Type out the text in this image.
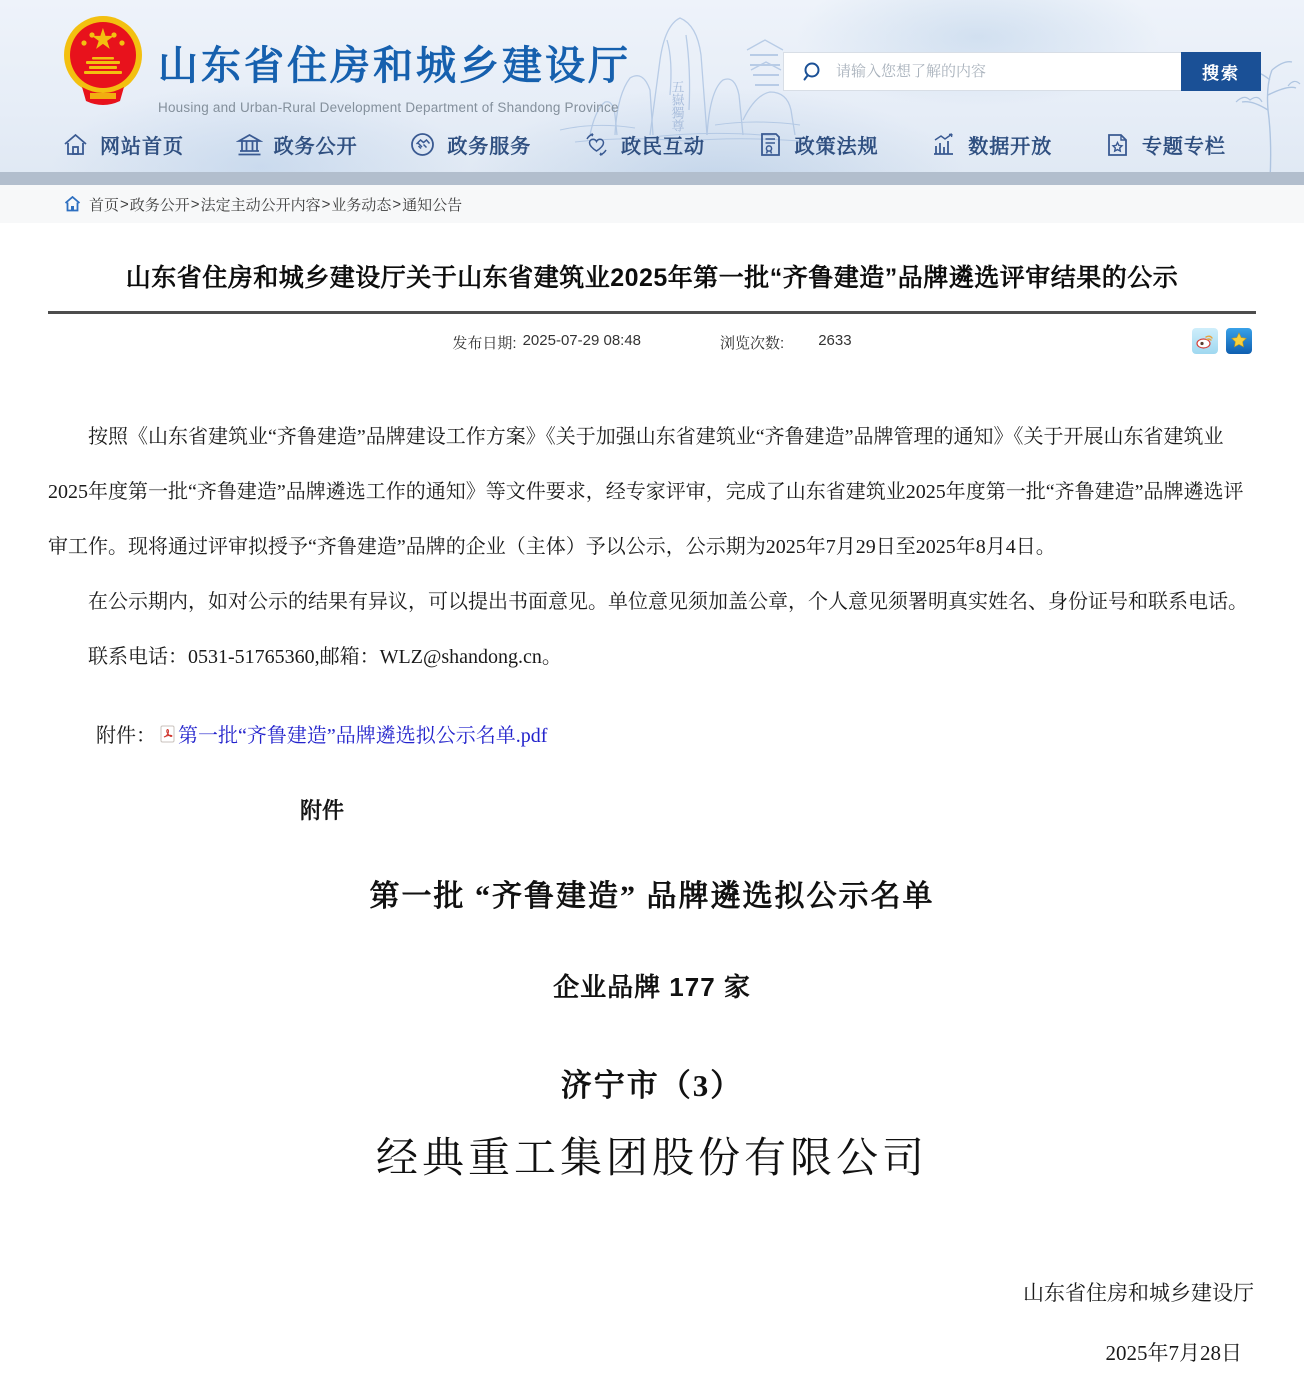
五嶽獨尊
山东省住房和城乡建设厅
Housing and Urban-Rural Development Department of Shandong Province
请输入您想了解的内容
搜索
网站首页	政务公开	政务服务	政民互动	政策法规	数据开放	专题专栏
首页 > 政务公开 > 法定主动公开内容 > 业务动态 > 通知公告
山东省住房和城乡建设厅关于山东省建筑业2025年第一批“齐鲁建造”品牌遴选评审结果的公示
发布日期: 2025-07-29 08:48	浏览次数: 2633

按照《山东省建筑业“齐鲁建造”品牌建设工作方案》《关于加强山东省建筑业“齐鲁建造”品牌管理的通知》《关于开展山东省建筑业2025年度第一批“齐鲁建造”品牌遴选工作的通知》等文件要求，经专家评审，完成了山东省建筑业2025年度第一批“齐鲁建造”品牌遴选评审工作。现将通过评审拟授予“齐鲁建造”品牌的企业（主体）予以公示，公示期为2025年7月29日至2025年8月4日。

在公示期内，如对公示的结果有异议，可以提出书面意见。单位意见须加盖公章，个人意见须署明真实姓名、身份证号和联系电话。

联系电话：0531-51765360,邮箱：WLZ@shandong.cn。

附件： 第一批“齐鲁建造”品牌遴选拟公示名单.pdf
附件
第一批 “齐鲁建造” 品牌遴选拟公示名单
企业品牌 177 家
济宁市（3）
经典重工集团股份有限公司
山东省住房和城乡建设厅
2025年7月28日
